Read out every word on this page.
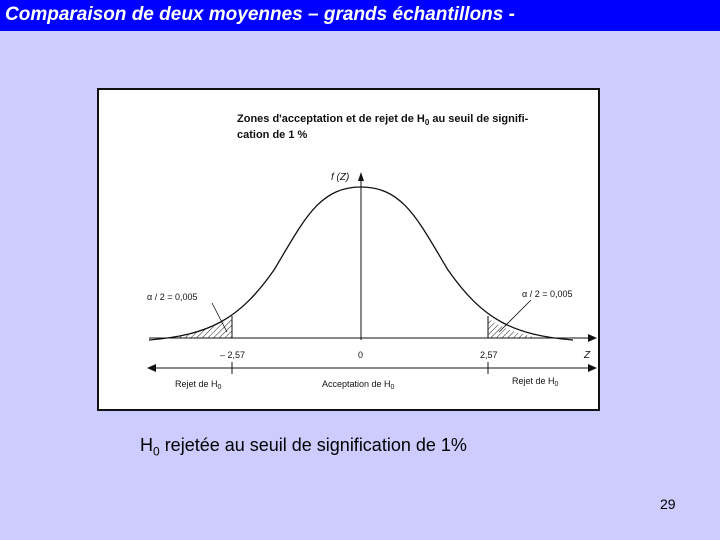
Comparaison de deux moyennes – grands échantillons -
Zones d'acceptation et de rejet de $H_0$ au seuil de signifi-
cation de 1 %
f (Z)
Z
α / 2 = 0,005	α / 2 = 0,005
– 2,57	0	2,57
Rejet de $H_0$	Acceptation de $H_0$
Rejet de $H_0$
$H_0$ rejetée au seuil de signification de 1%
29
